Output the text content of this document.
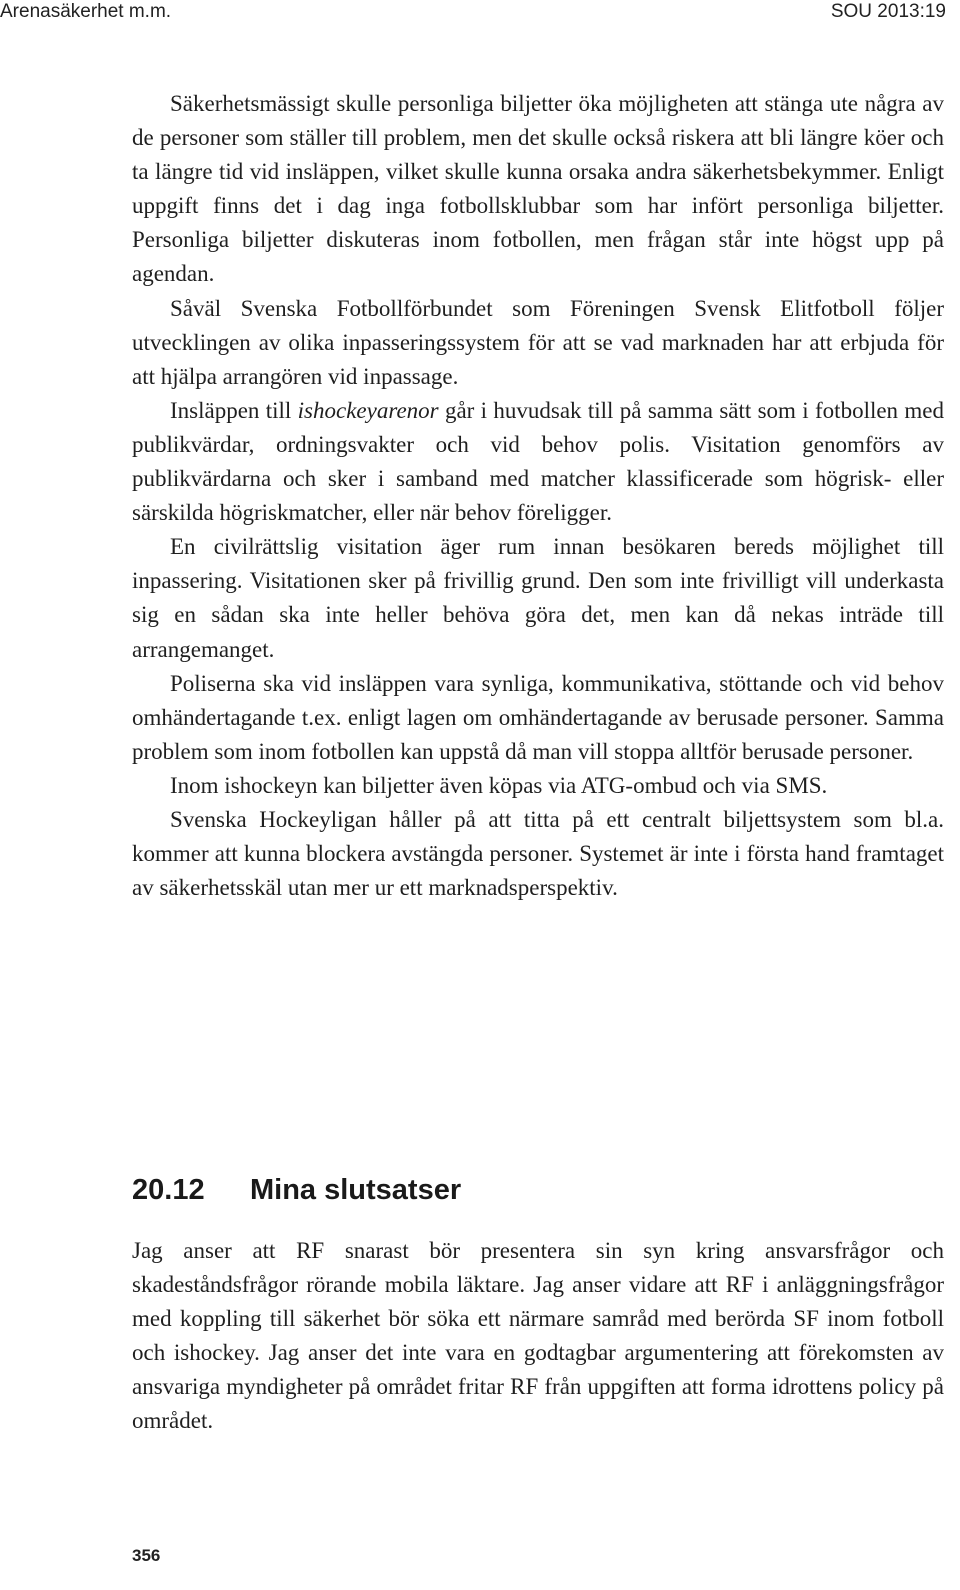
Arenasäkerhet m.m.	SOU 2013:19

Säkerhetsmässigt skulle personliga biljetter öka möjligheten att stänga ute några av de personer som ställer till problem, men det skulle också riskera att bli längre köer och ta längre tid vid insläppen, vilket skulle kunna orsaka andra säkerhetsbekymmer. Enligt uppgift finns det i dag inga fotbollsklubbar som har infört personliga biljetter. Personliga biljetter diskuteras inom fotbollen, men frågan står inte högst upp på agendan.

Såväl Svenska Fotbollförbundet som Föreningen Svensk Elitfotboll följer utvecklingen av olika inpasseringssystem för att se vad marknaden har att erbjuda för att hjälpa arrangören vid inpassage.

Insläppen till ishockeyarenor går i huvudsak till på samma sätt som i fotbollen med publikvärdar, ordningsvakter och vid behov polis. Visitation genomförs av publikvärdarna och sker i samband med matcher klassificerade som högrisk- eller särskilda högriskmatcher, eller när behov föreligger.

En civilrättslig visitation äger rum innan besökaren bereds möjlighet till inpassering. Visitationen sker på frivillig grund. Den som inte frivilligt vill underkasta sig en sådan ska inte heller behöva göra det, men kan då nekas inträde till arrangemanget.

Poliserna ska vid insläppen vara synliga, kommunikativa, stöttande och vid behov omhändertagande t.ex. enligt lagen om omhändertagande av berusade personer. Samma problem som inom fotbollen kan uppstå då man vill stoppa alltför berusade personer.

Inom ishockeyn kan biljetter även köpas via ATG-ombud och via SMS.

Svenska Hockeyligan håller på att titta på ett centralt biljettsystem som bl.a. kommer att kunna blockera avstängda personer. Systemet är inte i första hand framtaget av säkerhetsskäl utan mer ur ett marknadsperspektiv.

20.12 Mina slutsatser

Jag anser att RF snarast bör presentera sin syn kring ansvarsfrågor och skadeståndsfrågor rörande mobila läktare. Jag anser vidare att RF i anläggningsfrågor med koppling till säkerhet bör söka ett närmare samråd med berörda SF inom fotboll och ishockey. Jag anser det inte vara en godtagbar argumentering att förekomsten av ansvariga myndigheter på området fritar RF från uppgiften att forma idrottens policy på området.

356
